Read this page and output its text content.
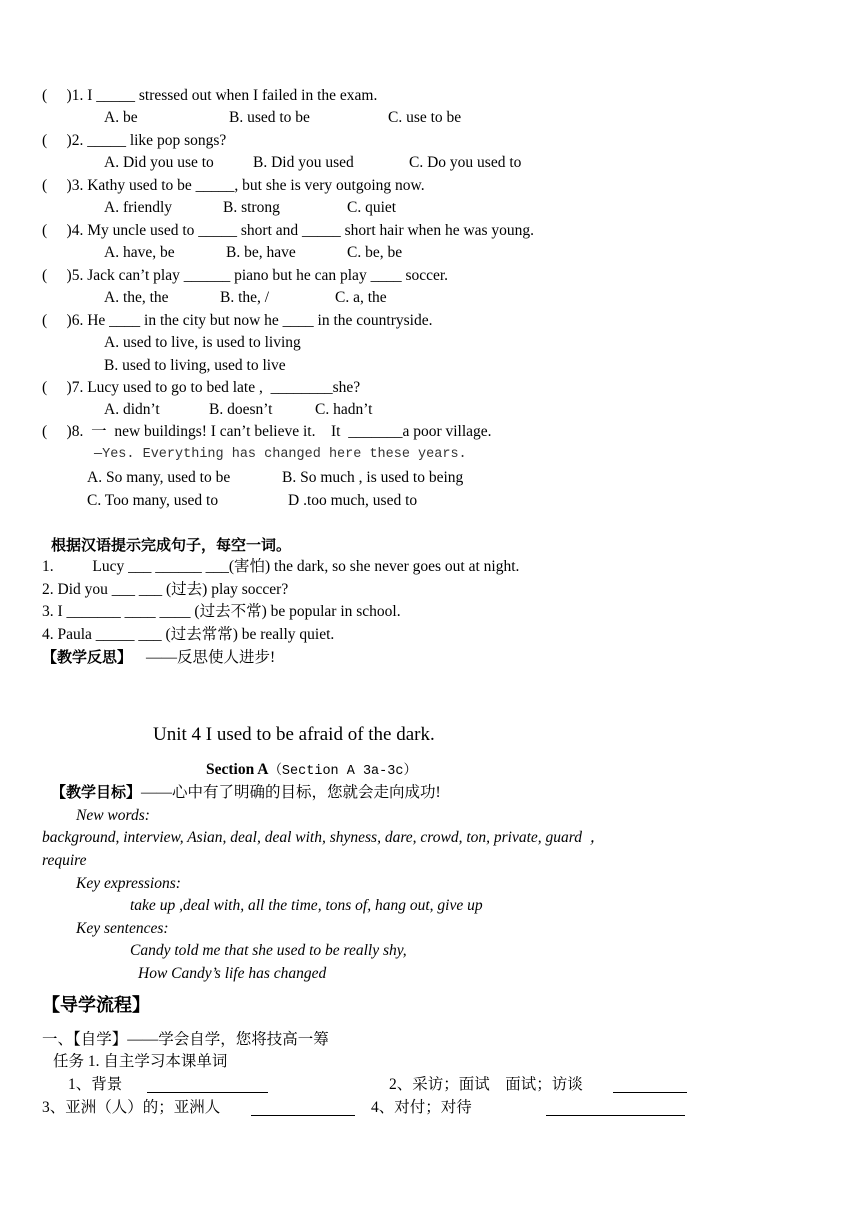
(     )1. I _____ stressed out when I failed in the exam.
A. be	B. used to be	C. use to be
(     )2. _____ like pop songs?
A. Did you use to	B. Did you used	C. Do you used to
(     )3. Kathy used to be _____, but she is very outgoing now.
A. friendly	B. strong	C. quiet
(     )4. My uncle used to _____ short and _____ short hair when he was young.
A. have, be	B. be, have	C. be, be
(     )5. Jack can’t play ______ piano but he can play ____ soccer.
A. the, the	B. the, /	C. a, the
(     )6. He ____ in the city but now he ____ in the countryside.
A. used to live, is used to living
B. used to living, used to live
(     )7. Lucy used to go to bed late ,  ________she?
A. didn’t	B. doesn’t	C. hadn’t
(     )8.  一  new buildings! I can’t believe it.    It  _______a poor village.
—Yes. Everything has changed here these years.
A. So many, used to be	B. So much , is used to being
C. Too many, used to	D .too much, used to
根据汉语提示完成句子，每空一词。
1.          Lucy ___ ______ ___(害怕) the dark, so she never goes out at night.
2. Did you ___ ___ (过去) play soccer?
3. I _______ ____ ____ (过去不常) be popular in school.
4. Paula _____ ___ (过去常常) be really quiet.
【教学反思】 ——反思使人进步!
Unit 4 I used to be afraid of the dark.
Section A（Section A 3a-3c）
【教学目标】——心中有了明确的目标，您就会走向成功!
New words:
background, interview, Asian, deal, deal with, shyness, dare, crowd, ton, private, guard  ，
require
Key expressions:
take up ,deal with, all the time, tons of, hang out, give up
Key sentences:
Candy told me that she used to be really shy,
How Candy’s life has changed
【导学流程】
一、【自学】——学会自学，您将技高一筹
任务 1. 自主学习本课单词
1、背景	2、采访；面试    面试；访谈
3、亚洲（人）的；亚洲人	4、对付；对待
